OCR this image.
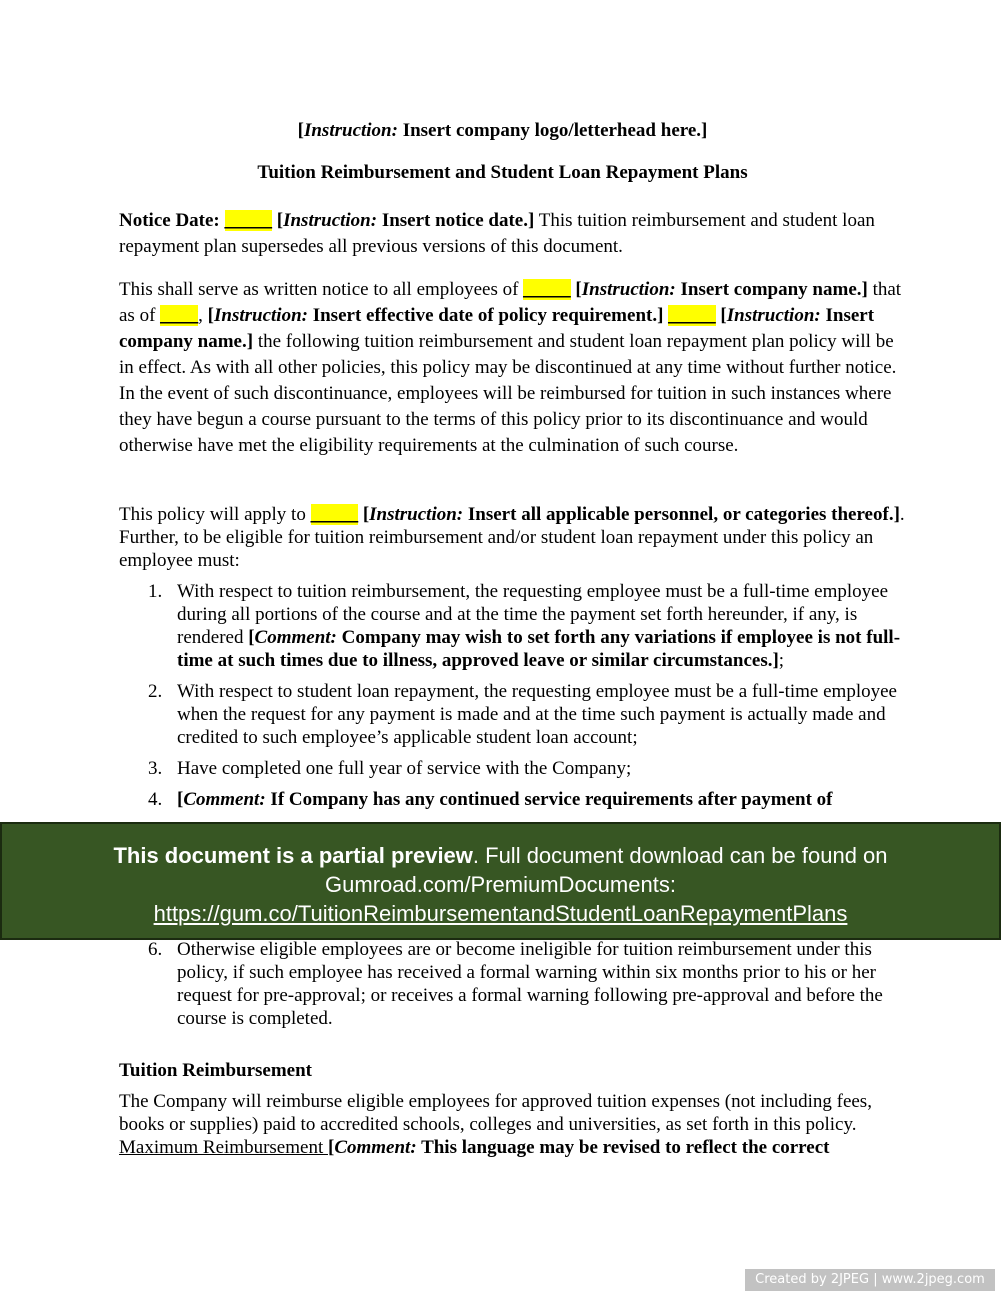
[Instruction: Insert company logo/letterhead here.]
Tuition Reimbursement and Student Loan Repayment Plans
Notice Date: _____ [Instruction: Insert notice date.] This tuition reimbursement and student loan repayment plan supersedes all previous versions of this document.
This shall serve as written notice to all employees of _____ [Instruction: Insert company name.] that as of ____, [Instruction: Insert effective date of policy requirement.] _____ [Instruction: Insert company name.] the following tuition reimbursement and student loan repayment plan policy will be in effect. As with all other policies, this policy may be discontinued at any time without further notice. In the event of such discontinuance, employees will be reimbursed for tuition in such instances where they have begun a course pursuant to the terms of this policy prior to its discontinuance and would otherwise have met the eligibility requirements at the culmination of such course.
This policy will apply to _____ [Instruction: Insert all applicable personnel, or categories thereof.]. Further, to be eligible for tuition reimbursement and/or student loan repayment under this policy an employee must:
1. With respect to tuition reimbursement, the requesting employee must be a full-time employee during all portions of the course and at the time the payment set forth hereunder, if any, is rendered [Comment: Company may wish to set forth any variations if employee is not full-time at such times due to illness, approved leave or similar circumstances.];
2. With respect to student loan repayment, the requesting employee must be a full-time employee when the request for any payment is made and at the time such payment is actually made and credited to such employee’s applicable student loan account;
3. Have completed one full year of service with the Company;
4. [Comment: If Company has any continued service requirements after payment of
This document is a partial preview. Full document download can be found on Gumroad.com/PremiumDocuments:
https://gum.co/TuitionReimbursementandStudentLoanRepaymentPlans
6. Otherwise eligible employees are or become ineligible for tuition reimbursement under this policy, if such employee has received a formal warning within six months prior to his or her request for pre-approval; or receives a formal warning following pre-approval and before the course is completed.
Tuition Reimbursement
The Company will reimburse eligible employees for approved tuition expenses (not including fees, books or supplies) paid to accredited schools, colleges and universities, as set forth in this policy.
Maximum Reimbursement [Comment: This language may be revised to reflect the correct
Created by 2JPEG | www.2jpeg.com
